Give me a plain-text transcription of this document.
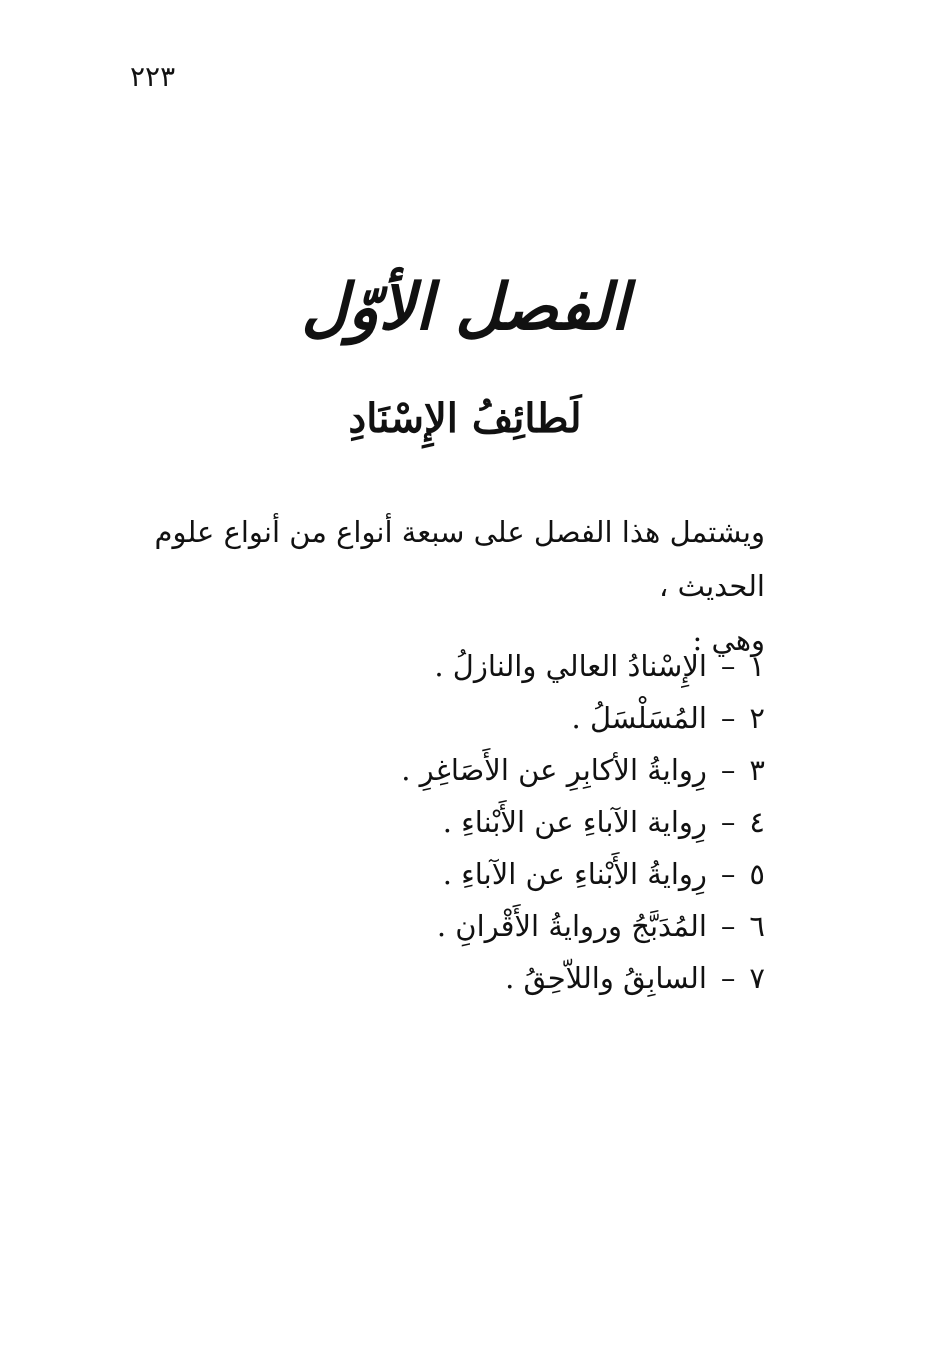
٢٢٣
الفصل الأوّل
لَطائِفُ الإِسْنَادِ

ويشتمل هذا الفصل على سبعة أنواع من أنواع علوم الحديث ،

وهي :

١–الإِسْنادُ العالي والنازلُ .
٢–المُسَلْسَلُ .
٣–رِوايةُ الأكابِرِ عن الأَصَاغِرِ .
٤–رِواية الآباءِ عن الأَبْناءِ .
٥–رِوايةُ الأَبْناءِ عن الآباءِ .
٦–المُدَبَّجُ وروايةُ الأَقْرانِ .
٧–السابِقُ واللاّحِقُ .
